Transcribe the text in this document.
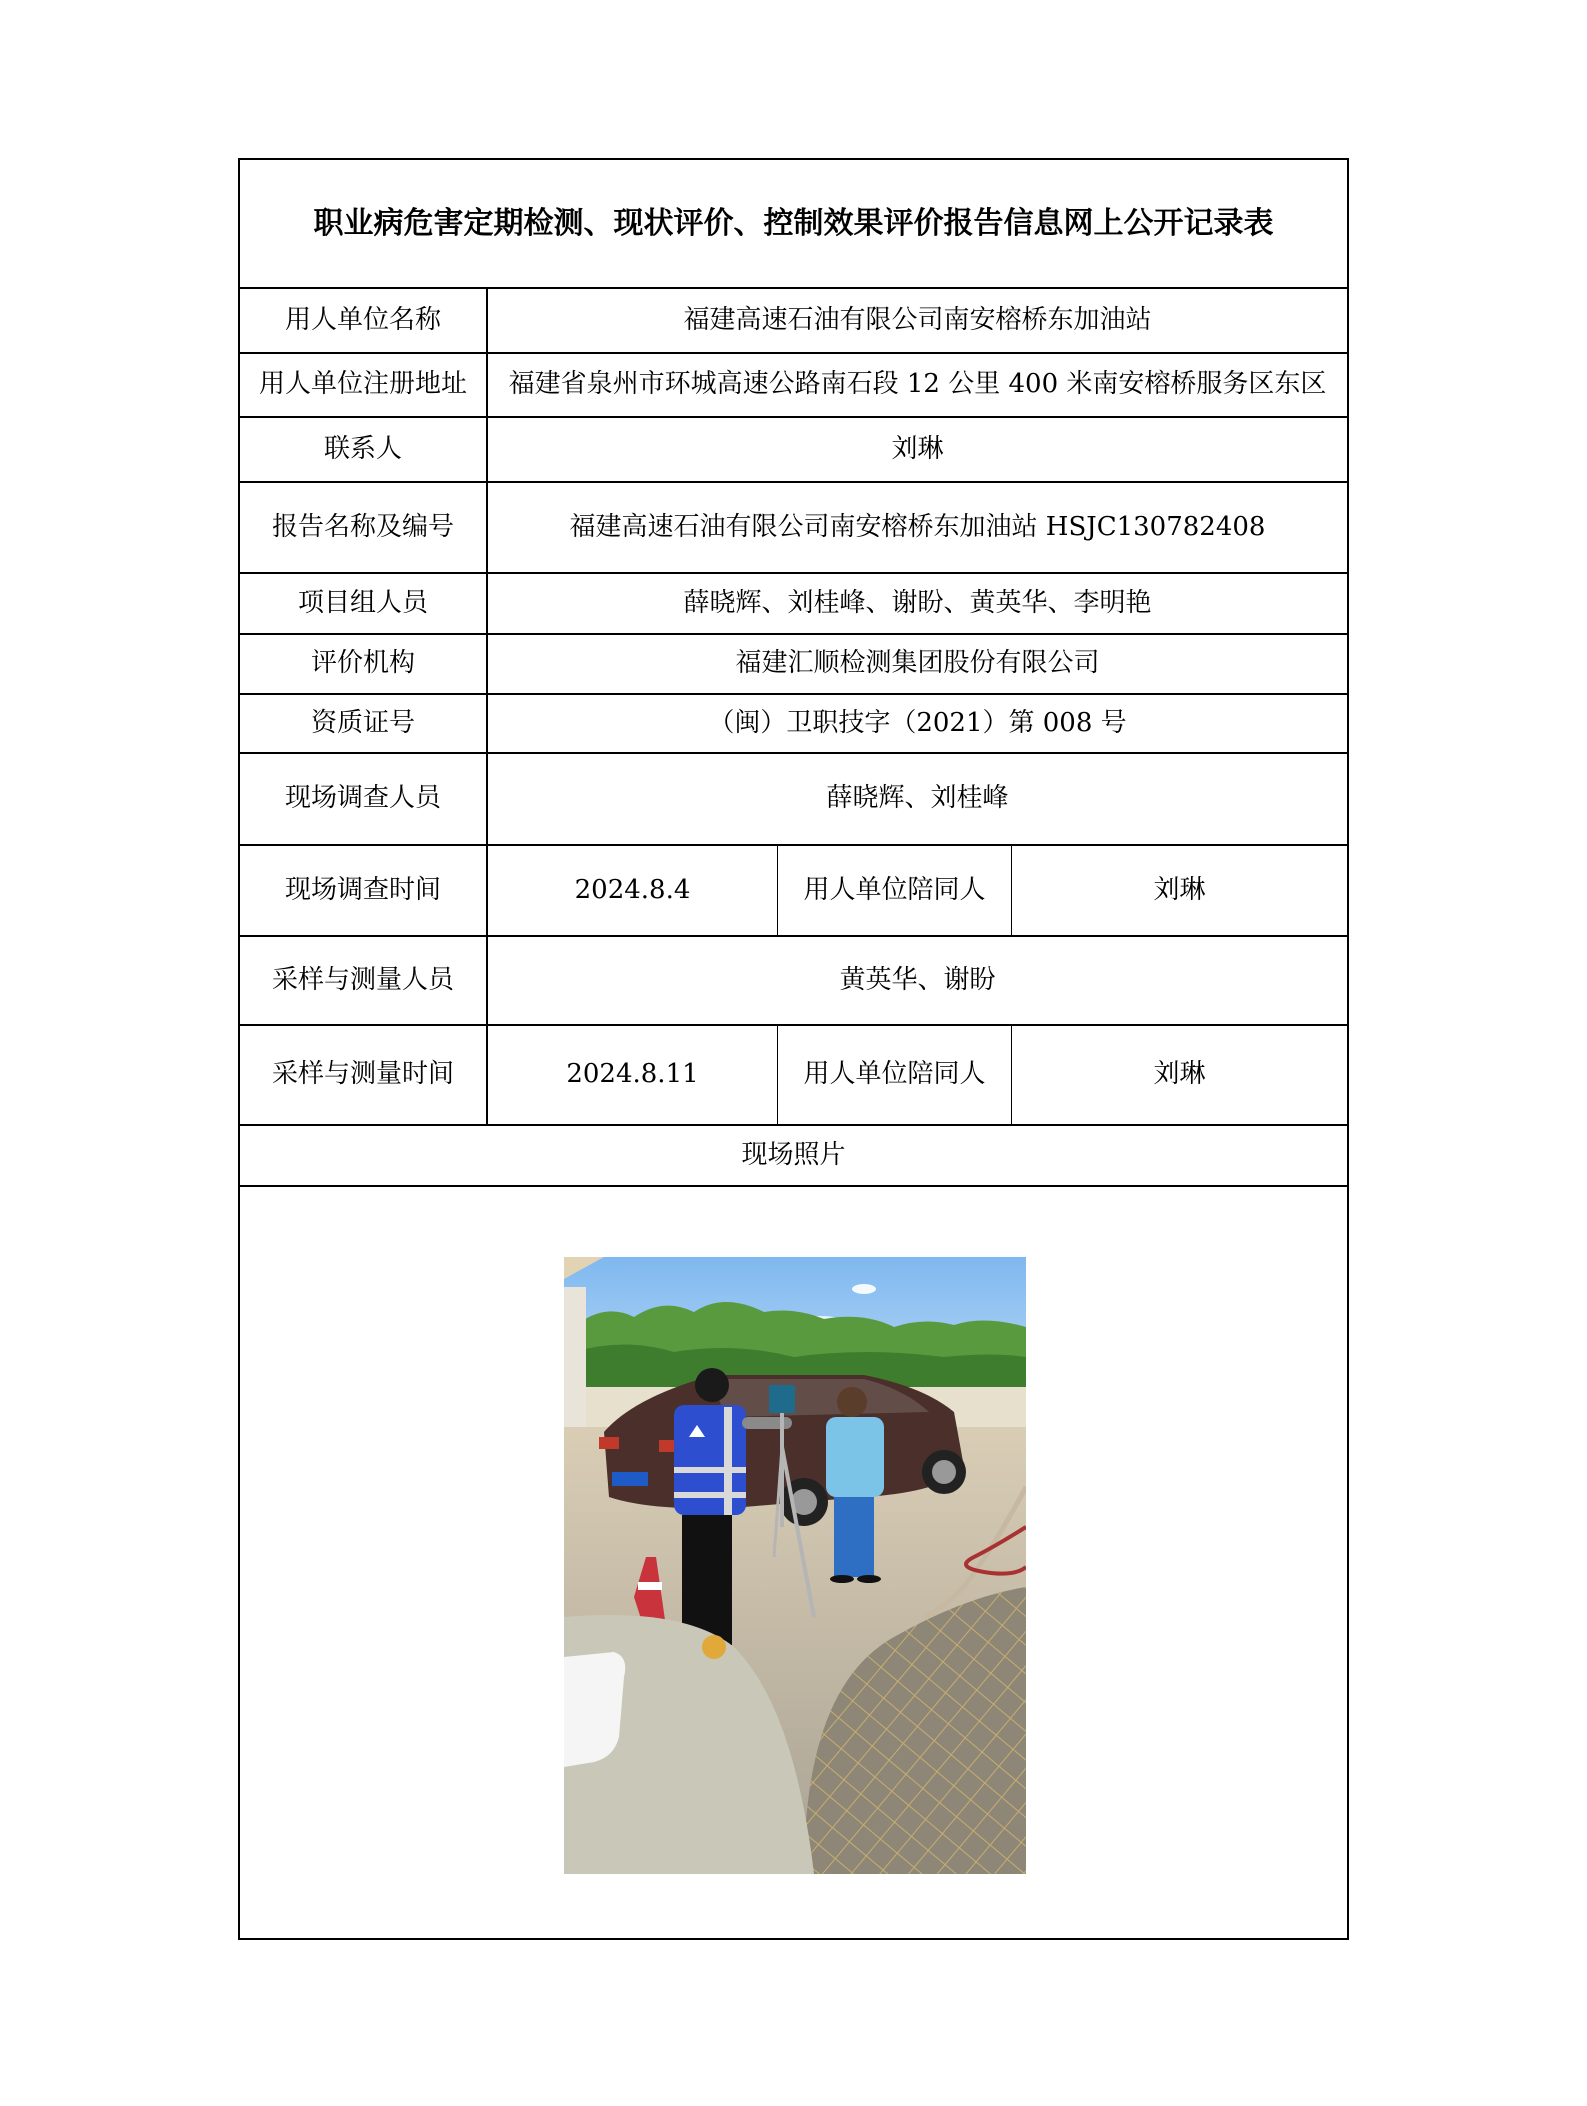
职业病危害定期检测、现状评价、控制效果评价报告信息网上公开记录表
用人单位名称	福建高速石油有限公司南安榕桥东加油站
用人单位注册地址	福建省泉州市环城高速公路南石段 12 公里 400 米南安榕桥服务区东区
联系人	刘琳
报告名称及编号	福建高速石油有限公司南安榕桥东加油站 HSJC130782408
项目组人员	薛晓辉、刘桂峰、谢盼、黄英华、李明艳
评价机构	福建汇顺检测集团股份有限公司
资质证号	（闽）卫职技字（2021）第 008 号
现场调查人员	薛晓辉、刘桂峰
现场调查时间	2024.8.4	用人单位陪同人	刘琳
采样与测量人员	黄英华、谢盼
采样与测量时间	2024.8.11	用人单位陪同人	刘琳
现场照片
